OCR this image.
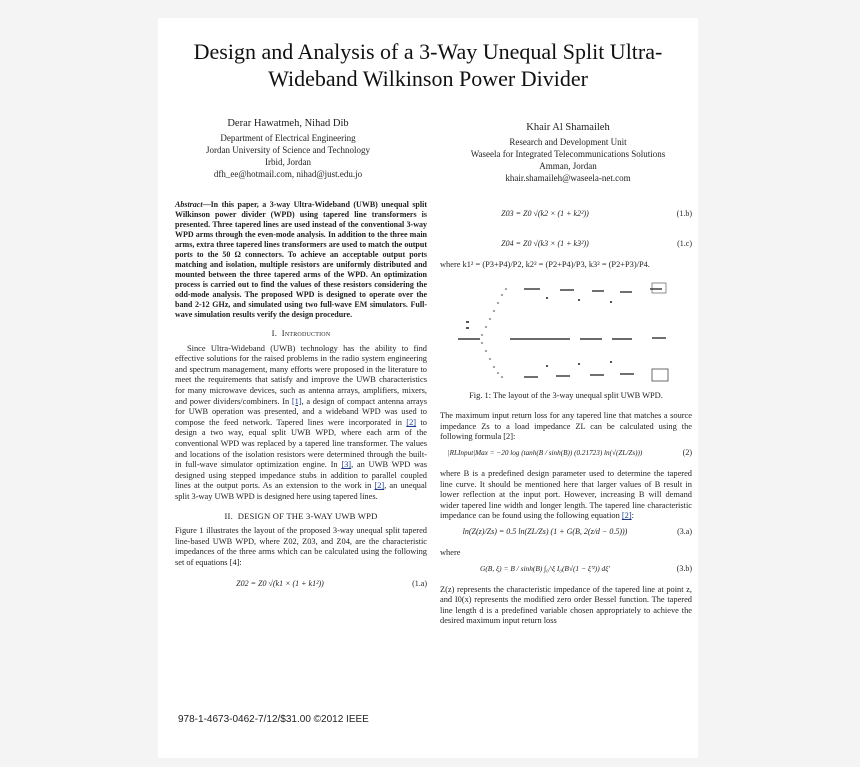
Design and Analysis of a 3-Way Unequal Split Ultra-Wideband Wilkinson Power Divider
Derar Hawatmeh, Nihad Dib
Department of Electrical Engineering
Jordan University of Science and Technology
Irbid, Jordan
dfh_ee@hotmail.com, nihad@just.edu.jo
Khair Al Shamaileh
Research and Development Unit
Waseela for Integrated Telecommunications Solutions
Amman, Jordan
khair.shamaileh@waseela-net.com

Abstract—In this paper, a 3-way Ultra-Wideband (UWB) unequal split Wilkinson power divider (WPD) using tapered line transformers is presented. Three tapered lines are used instead of the conventional 3-way WPD arms through the even-mode analysis. In addition to the three main arms, extra three tapered lines transformers are used to match the output ports to the 50 Ω connectors. To achieve an acceptable output ports matching and isolation, multiple resistors are uniformly distributed and mounted between the three tapered arms of the WPD. An optimization process is carried out to find the values of these resistors considering the odd-mode analysis. The proposed WPD is designed to operate over the band 2-12 GHz, and simulated using two full-wave EM simulators. Full-wave simulation results verify the design procedure.

I. Introduction

Since Ultra-Wideband (UWB) technology has the ability to find effective solutions for the raised problems in the radio system engineering and spectrum management, many efforts were proposed in the literature to meet the requirements that satisfy and improve the UWB characteristics for many microwave devices, such as antenna arrays, amplifiers, mixers, and power dividers/combiners. In [1], a design of compact antenna arrays for UWB operation was presented, and a wideband WPD was used to compose the feed network. Tapered lines were incorporated in [2] to design a two way, equal split UWB WPD, where each arm of the conventional WPD was replaced by a tapered line transformer. The values and locations of the isolation resistors were determined through the built-in full-wave simulator optimization engine. In [3], an UWB WPD was designed using stepped impedance stubs in addition to parallel coupled lines at the output ports. As an extension to the work in [2], an unequal split 3-way UWB WPD is designed here using tapered lines.

II. DESIGN OF THE 3-WAY UWB WPD

Figure 1 illustrates the layout of the proposed 3-way unequal split tapered line-based UWB WPD, where Z02, Z03, and Z04, are the characteristic impedances of the three arms which can be calculated using the following set of equations [4]:

Z02 = Z0 √(k1 × (1 + k1²))	(1.a)
Z03 = Z0 √(k2 × (1 + k2²))	(1.b)
Z04 = Z0 √(k3 × (1 + k3²))	(1.c)

where k1² = (P3+P4)/P2, k2² = (P2+P4)/P3, k3² = (P2+P3)/P4.

Fig. 1: The layout of the 3-way unequal split UWB WPD.

The maximum input return loss for any tapered line that matches a source impedance Zs to a load impedance ZL can be calculated using the following formula [2]:

|RLInput|Max = −20 log (tanh(B / sinh(B)) (0.21723) ln(√(ZL/Zs)))	(2)

where B is a predefined design parameter used to determine the tapered line curve. It should be mentioned here that larger values of B result in lower reflection at the input port. However, increasing B will demand wider tapered line width and longer length. The tapered line characteristic impedance can be found using the following equation [2]:

ln(Z(z)/Zs) = 0.5 ln(ZL/Zs) (1 + G(B, 2(z/d − 0.5)))	(3.a)

where

G(B, ξ) = B / sinh(B) ∫₀^ξ I₀(B√(1 − ξ'²)) dξ'	(3.b)

Z(z) represents the characteristic impedance of the tapered line at point z, and I0(x) represents the modified zero order Bessel function. The tapered line length d is a predefined variable chosen appropriately to achieve the desired maximum input return loss

978-1-4673-0462-7/12/$31.00 ©2012 IEEE
